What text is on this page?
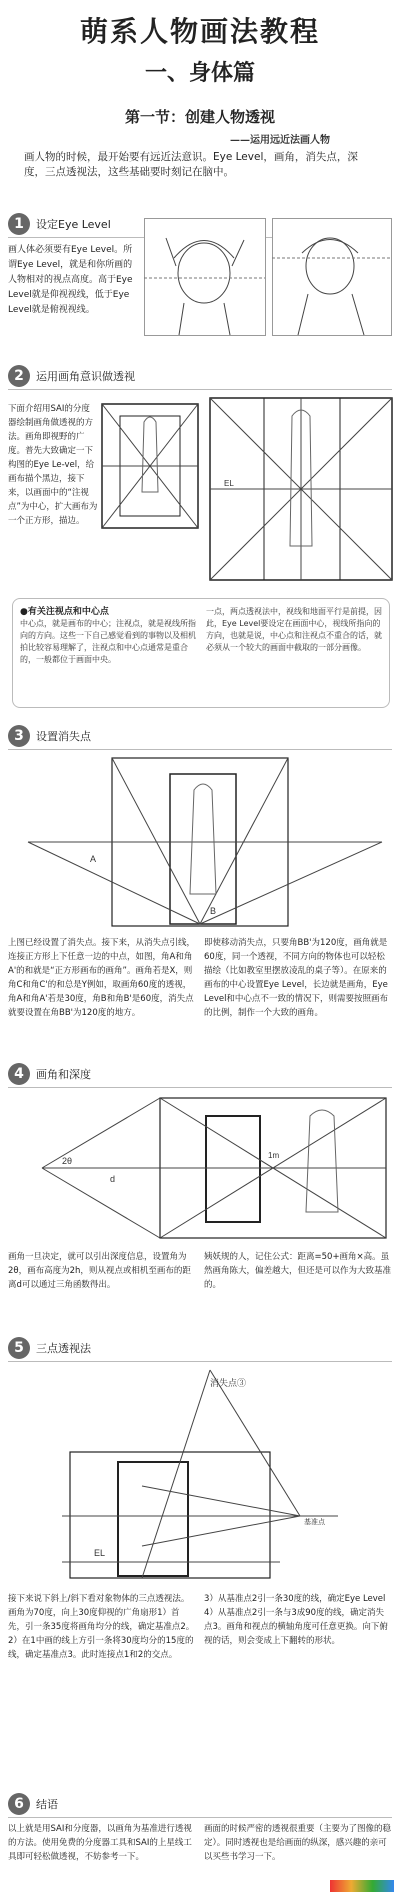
萌系人物画法教程
一、身体篇
第一节：创建人物透视
——运用远近法画人物
画人物的时候，最开始要有远近法意识。Eye Level，画角，消失点，深度，三点透视法，这些基础要时刻记在脑中。
1	设定Eye Level
画人体必须要有Eye Level。所谓Eye Level，就是和你所画的人物相对的视点高度。高于Eye Level就是仰视视线，低于Eye Level就是俯视视线。
2	运用画角意识做透视
下面介绍用SAI的分度器绘制画角做透视的方法。画角即视野的广度。普先大致确定一下构图的Eye Le-vel，给画布描个黑边，接下来，以画面中的“注视点”为中心，扩大画布为一个正方形，描边。
EL
●有关注视点和中心点
中心点，就是画布的中心；注视点，就是视线所指向的方向。这些一下自己感觉看到的事物以及相机拍比较容易理解了，注视点和中心点通常是重合的，一般都位于画面中央。
一点，两点透视法中，视线和地面平行是前提，因此，Eye Level要设定在画面中心，视线所指向的方向，也就是说，中心点和注视点不重合的话，就必须从一个较大的画面中截取的一部分画像。
3	设置消失点
A
B
上图已经设置了消失点。接下来，从消失点引线，连接正方形上下任意一边的中点，如图，角A和角A'的和就是“正方形画布的画角”。画角若是X，则角C和角C'的和总是Y例如，取画角60度的透视，角A和角A'若是30度，角B和角B'是60度，消失点就要设置在角BB'为120度的地方。
即使移动消失点，只要角BB'为120度，画角就是60度，同一个透视，不同方向的物体也可以轻松描绘（比如教室里摆放凌乱的桌子等）。在原来的画布的中心设置Eye Level，长边就是画角，Eye Level和中心点不一致的情况下，则需要按照画布的比例，制作一个大致的画角。
4	画角和深度
2θ
d
1m
画角一旦决定，就可以引出深度信息，设置角为2θ，画布高度为2h，则从视点或相机至画布的距离d可以通过三角函数得出。
姨妖规的人，记住公式：距离=50+画角×高。虽然画角陈大，偏差越大，但还是可以作为大致基准的。
5	三点透视法
消失点③
EL
基准点
接下来说下斜上/斜下看对象物体的三点透视法。画角为70度，向上30度仰视的广角扇形1）首先，引一条35度将画角均分的线，确定基准点2。2）在1中画的线上方引一条将30度均分的15度的线，确定基准点3。此时连接点1和2的交点。
3）从基准点2引一条30度的线，确定Eye Level 4）从基准点2引一条与3成90度的线，确定消失点3。画角和视点的横轴角度可任意更换。向下俯视的话，则会变成上下翻转的形状。
6	结语
以上就是用SAI和分度器，以画角为基准进行透视的方法。使用免费的分度器工具和SAI的上星线工具即可轻松做透视，不妨参考一下。
画面的时候严密的透视很重要（主要为了图像的稳定）。同时透视也是给画面的纵深，感兴趣的亲可以买些书学习一下。
